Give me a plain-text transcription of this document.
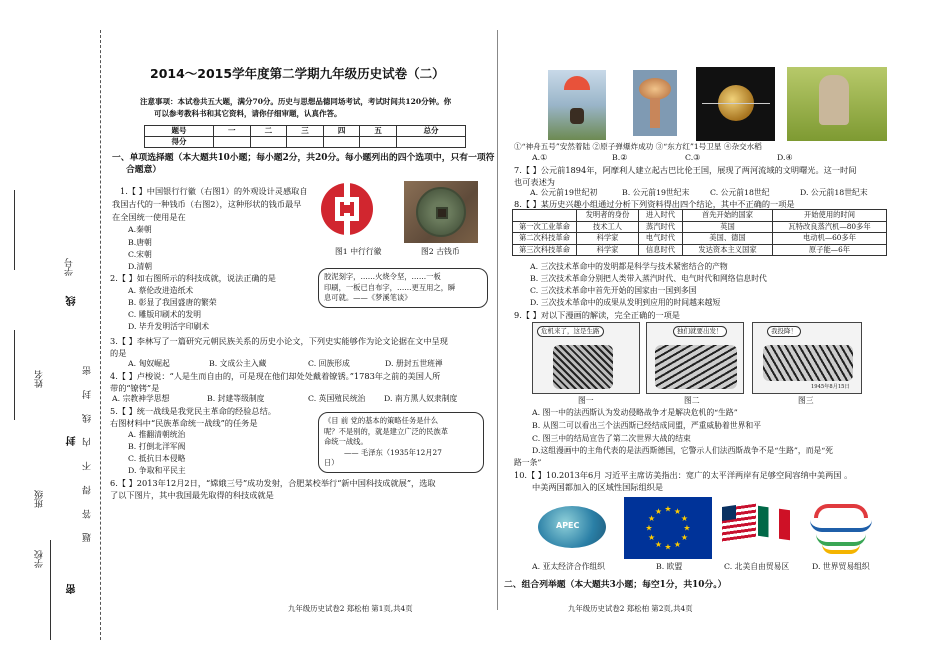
学号
姓名
班级
学校
题 答 得 不 内 线 封 密
线
封
密
2014～2015学年度第二学期九年级历史试卷（二）
注意事项：本试卷共五大题，满分70分。历史与思想品德同场考试，考试时间共120分钟。你
可以参考教科书和其它资料，请你仔细审题，认真作答。
题号	一	二	三	四	五	总分
得分						
一、单项选择题（本大题共10小题；每小题2分，共20分。每小题列出的四个选项中，只有一项符
合题意）
1.【 】中国银行行徽（右图1）的外观设计灵感取自
我国古代的一种钱币（右图2），这种形状的钱币最早
在全国统一使用是在
A.秦朝
B.唐朝
C.宋朝
D.清朝
图1 中行行徽	图2 古钱币
2.【 】如右图所示的科技成就，说法正确的是
A. 蔡伦改进造纸术
B. 彰显了我国盛唐的繁荣
C. 雕版印刷术的发明
D. 毕升发明活字印刷术
胶泥刻字，……火烧令坚，……一板
印刷，一板已自布字，……更互用之，瞬
息可就。——《梦溪笔谈》
3.【 】李林写了一篇研究元朝民族关系的历史小论文，下列史实能够作为论文论据在文中呈现
的是
A. 匈奴崛起	B. 文成公主入藏	C. 回族形成	D. 册封五世班禅
4.【 】卢梭说：“人是生而自由的，可是现在他们却处处戴着镣锈。”1783年之前的美国人所
带的“镣铐”是
A. 宗教神学思想	B. 封建等级制度	C. 英国殖民统治 D. 南方黑人奴隶制度
5.【 】统一战线是我党民主革命的经验总结。
右图材料中“民族革命统一战线”的任务是
A. 推翻清朝统治
B. 打倒北洋军阀
C. 抵抗日本侵略
D. 争取和平民主
《目 前 党的基本的策略任务是什么
呢？不是别的，就是建立广泛的民族革
命统一战线。
—— 毛泽东（1935年12月27
日）
6.【 】2013年12月2日，“嫦娥三号”成功发射，合肥某校举行“新中国科技成就展”，选取
了以下图片，其中我国最先取得的科技成就是
九年级历史试卷2 郑松柏 第1页,共4页
①“神舟五号”安然着陆 ②原子弹爆炸成功 ③“东方红”1号卫星 ④杂交水稻
A.①	B.②	C.③	D.④
7.【 】公元前1894年，阿摩利人建立起古巴比伦王国，展现了两河流域的文明曙光。这一时间
也可表述为
A. 公元前19世纪初	B. 公元前19世纪末	C. 公元前18世纪	D. 公元前18世纪末
8.【 】某历史兴趣小组通过分析下列资料得出四个结论，其中不正确的一项是
	发明者的身份	进入时代	首先开始的国家	开始使用的时间
第一次工业革命	技术工人	蒸汽时代	英国	瓦特改良蒸汽机—80多年
第二次科技革命	科学家	电气时代	美国、德国	电动机—60多年
第三次科技革命	科学家	信息时代	发达资本主义国家	原子能—6年
A. 三次技术革命中的发明都是科学与技术紧密结合的产物
B. 三次技术革命分别把人类带入蒸汽时代、电气时代和网络信息时代
C. 三次技术革命中首先开始的国家由一国到多国
D. 三次技术革命中的成果从发明到应用的时间越来越短
9.【 】对以下漫画的解读，完全正确的一项是
危机来了，这是生路	独们就要出发！	我投降！
1945年8月15日
图一	图二	图三
A. 图一中的法西斯认为发动侵略战争才是解决危机的“生路”
B. 从图二可以看出三个法西斯已经结成同盟，严重威胁着世界和平
C. 图三中的结局宣告了第二次世界大战的结束
D.这组漫画中的主角代表的是法西斯德国，它警示人们法西斯战争不是“生路”，而是“死
路一条”
10.【 】10.2013年6月 习近平主席访美指出：宽广的太平洋两岸有足够空间容纳中美两国 。
中美两国都加入的区域性国际组织是
APEC
★ ★
★
★
★
★
★
★
★
★
★
★
A. 亚太经济合作组织	B. 欧盟	C. 北美自由贸易区	D. 世界贸易组织
二、组合列举题（本大题共3小题；每空1分，共10分。）
九年级历史试卷2 郑松柏 第2页,共4页
